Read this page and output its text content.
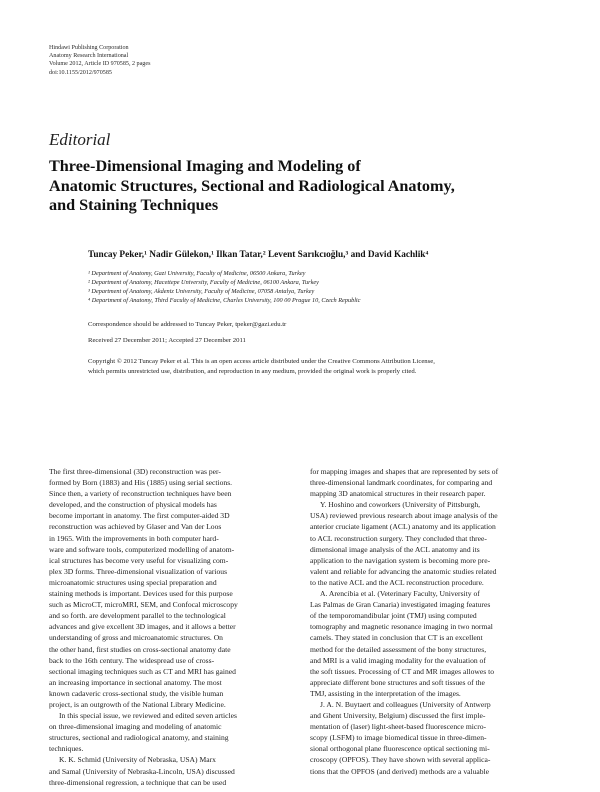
Hindawi Publishing Corporation
Anatomy Research International
Volume 2012, Article ID 970585, 2 pages
doi:10.1155/2012/970585
Editorial
Three-Dimensional Imaging and Modeling of
Anatomic Structures, Sectional and Radiological Anatomy,
and Staining Techniques
Tuncay Peker,¹ Nadir Gülekon,¹ Ilkan Tatar,² Levent Sarıkcıoğlu,³ and David Kachlik⁴
¹ Department of Anatomy, Gazi University, Faculty of Medicine, 06500 Ankara, Turkey
² Department of Anatomy, Hacettepe University, Faculty of Medicine, 06100 Ankara, Turkey
³ Department of Anatomy, Akdeniz University, Faculty of Medicine, 07058 Antalya, Turkey
⁴ Department of Anatomy, Third Faculty of Medicine, Charles University, 100 00 Prague 10, Czech Republic
Correspondence should be addressed to Tuncay Peker, tpeker@gazi.edu.tr
Received 27 December 2011; Accepted 27 December 2011
Copyright © 2012 Tuncay Peker et al. This is an open access article distributed under the Creative Commons Attribution License,
which permits unrestricted use, distribution, and reproduction in any medium, provided the original work is properly cited.
The first three-dimensional (3D) reconstruction was per-
formed by Born (1883) and His (1885) using serial sections.
Since then, a variety of reconstruction techniques have been
developed, and the construction of physical models has
become important in anatomy. The first computer-aided 3D
reconstruction was achieved by Glaser and Van der Loos
in 1965. With the improvements in both computer hard-
ware and software tools, computerized modelling of anatom-
ical structures has become very useful for visualizing com-
plex 3D forms. Three-dimensional visualization of various
microanatomic structures using special preparation and
staining methods is important. Devices used for this purpose
such as MicroCT, microMRI, SEM, and Confocal microscopy
and so forth. are development parallel to the technological
advances and give excellent 3D images, and it allows a better
understanding of gross and microanatomic structures. On
the other hand, first studies on cross-sectional anatomy date
back to the 16th century. The widespread use of cross-
sectional imaging techniques such as CT and MRI has gained
an increasing importance in sectional anatomy. The most
known cadaveric cross-sectional study, the visible human
project, is an outgrowth of the National Library Medicine.
In this special issue, we reviewed and edited seven articles
on three-dimensional imaging and modeling of anatomic
structures, sectional and radiological anatomy, and staining
techniques.
K. K. Schmid (University of Nebraska, USA) Marx
and Samal (University of Nebraska-Lincoln, USA) discussed
three-dimensional regression, a technique that can be used
for mapping images and shapes that are represented by sets of
three-dimensional landmark coordinates, for comparing and
mapping 3D anatomical structures in their research paper.
Y. Hoshino and coworkers (University of Pittsburgh,
USA) reviewed previous research about image analysis of the
anterior cruciate ligament (ACL) anatomy and its application
to ACL reconstruction surgery. They concluded that three-
dimensional image analysis of the ACL anatomy and its
application to the navigation system is becoming more pre-
valent and reliable for advancing the anatomic studies related
to the native ACL and the ACL reconstruction procedure.
A. Arencibia et al. (Veterinary Faculty, University of
Las Palmas de Gran Canaria) investigated imaging features
of the temporomandibular joint (TMJ) using computed
tomography and magnetic resonance imaging in two normal
camels. They stated in conclusion that CT is an excellent
method for the detailed assessment of the bony structures,
and MRI is a valid imaging modality for the evaluation of
the soft tissues. Processing of CT and MR images allowes to
appreciate different bone structures and soft tissues of the
TMJ, assisting in the interpretation of the images.
J. A. N. Buytaert and colleagues (University of Antwerp
and Ghent University, Belgium) discussed the first imple-
mentation of (laser) light-sheet-based fluorescence micro-
scopy (LSFM) to image biomedical tissue in three-dimen-
sional orthogonal plane fluorescence optical sectioning mi-
croscopy (OPFOS). They have shown with several applica-
tions that the OPFOS (and derived) methods are a valuable
